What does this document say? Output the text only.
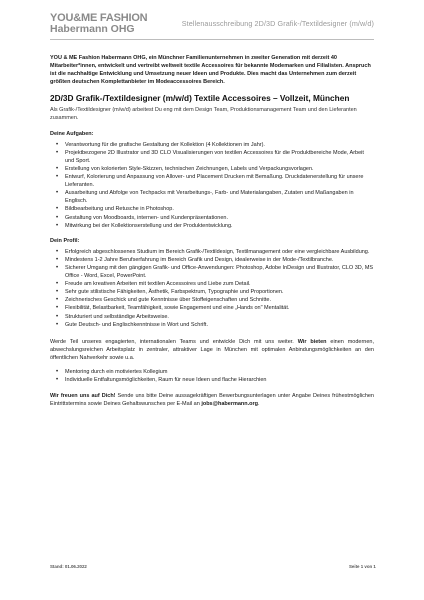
YOU&ME FASHION
Habermann OHG	Stellenausschreibung 2D/3D Grafik-/Textildesigner (m/w/d)

YOU & ME Fashion Habermann OHG, ein Münchner Familienunternehmen in zweiter Generation mit derzeit 40 Mitarbeiter*innen, entwickelt und vertreibt weltweit textile Accessoires für bekannte Modemarken und Filialisten. Anspruch ist die nachhaltige Entwicklung und Umsetzung neuer Ideen und Produkte. Dies macht das Unternehmen zum derzeit größten deutschen Komplettanbieter im Modeaccessoires Bereich.

2D/3D Grafik-/Textildesigner (m/w/d) Textile Accessoires – Vollzeit, München

Als Grafik-/Textildesigner (m/w/d) arbeitest Du eng mit dem Design Team, Produktionsmanagement Team und den Lieferanten zusammen.

Deine Aufgaben:
• Verantwortung für die grafische Gestaltung der Kollektion (4 Kollektionen im Jahr).
• Projektbezogene 2D Illustrator und 3D CLO Visualisierungen von textilen Accessoires für die Produktbereiche Mode, Arbeit und Sport.
• Erstellung von kolorierten Style-Skizzen, technischen Zeichnungen, Labels und Verpackungsvorlagen.
• Entwurf, Kolorierung und Anpassung von Allover- und Placement Drucken mit Bemaßung. Druckdatenerstellung für unsere Lieferanten.
• Ausarbeitung und Abfolge von Techpacks mit Verarbeitungs-, Farb- und Materialangaben, Zutaten und Maßangaben in Englisch.
• Bildbearbeitung und Retusche in Photoshop.
• Gestaltung von Moodboards, internen- und Kundenpräsentationen.
• Mitwirkung bei der Kollektionserstellung und der Produktentwicklung.
Dein Profil:
• Erfolgreich abgeschlossenes Studium im Bereich Grafik-/Textildesign, Textilmanagement oder eine vergleichbare Ausbildung.
• Mindestens 1-2 Jahre Berufserfahrung im Bereich Grafik und Design, idealerweise in der Mode-/Textilbranche.
• Sicherer Umgang mit den gängigen Grafik- und Office-Anwendungen: Photoshop, Adobe InDesign und Illustrator, CLO 3D, MS Office - Word, Excel, PowerPoint.
• Freude am kreativen Arbeiten mit textilen Accessoires und Liebe zum Detail.
• Sehr gute stilistische Fähigkeiten, Ästhetik, Farbspektrum, Typographie und Proportionen.
• Zeichnerisches Geschick und gute Kenntnisse über Stoffeigenschaften und Schnitte.
• Flexibilität, Belastbarkeit, Teamfähigkeit, sowie Engagement und eine „Hands on" Mentalität.
• Strukturiert und selbständige Arbeitsweise.
• Gute Deutsch- und Englischkenntnisse in Wort und Schrift.

Werde Teil unseres engagierten, internationalen Teams und entwickle Dich mit uns weiter. Wir bieten einen modernen, abwechslungsreichen Arbeitsplatz in zentraler, attraktiver Lage in München mit optimalen Anbindungsmöglichkeiten an den öffentlichen Nahverkehr sowie u.a.

• Mentoring durch ein motiviertes Kollegium
• Individuelle Entfaltungsmöglichkeiten, Raum für neue Ideen und flache Hierarchien

Wir freuen uns auf Dich! Sende uns bitte Deine aussagekräftigen Bewerbungsunterlagen unter Angabe Deines frühestmöglichen Eintrittstermins sowie Deines Gehaltswunsches per E-Mail an jobs@habermann.org.

Stand: 01.06.2022	Seite 1 von 1
